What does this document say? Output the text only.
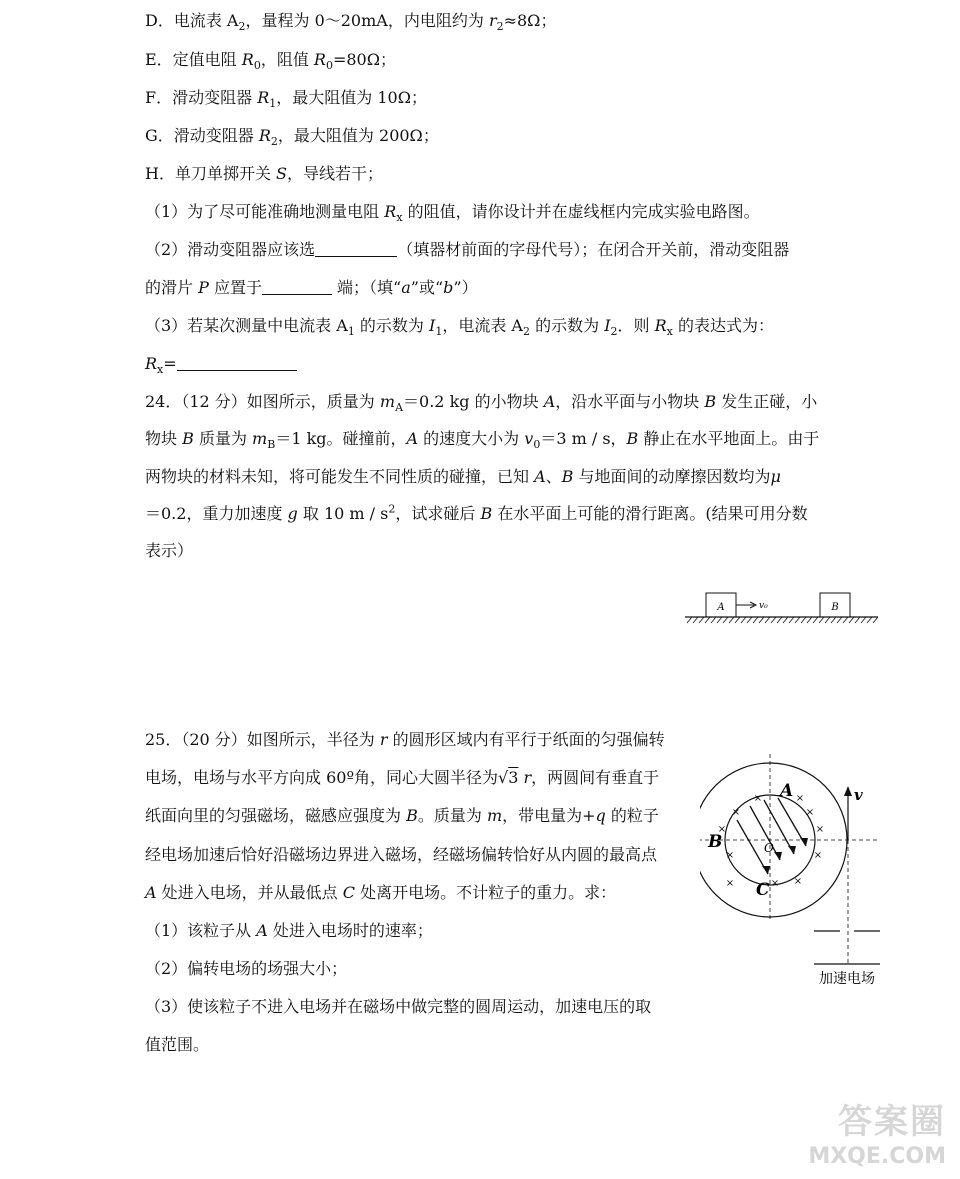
D．电流表 $A_2$，量程为 0～20mA，内电阻约为 $r_2\approx 8\Omega$；
E．定值电阻 $R_0$，阻值 $R_0=80\Omega$；
F．滑动变阻器 $R_1$，最大阻值为 10Ω；
G．滑动变阻器 $R_2$，最大阻值为 200Ω；
H．单刀单掷开关 S，导线若干；
（1）为了尽可能准确地测量电阻 $R_x$ 的阻值，请你设计并在虚线框内完成实验电路图。
（2）滑动变阻器应该选	（填器材前面的字母代号）；在闭合开关前，滑动变阻器
的滑片 P 应置于	端；（填“a”或“b”）
（3）若某次测量中电流表 $A_1$ 的示数为 $I_1$，电流表 $A_2$ 的示数为 $I_2$．则 $R_x$ 的表达式为：
$R_x=$
24．（12 分）如图所示，质量为 $m_A=0.2$ kg 的小物块 A，沿水平面与小物块 B 发生正碰，小
物块 B 质量为 $m_B=1$ kg。碰撞前，A 的速度大小为 $v_0=3$ m / s，B 静止在水平地面上。由于
两物块的材料未知，将可能发生不同性质的碰撞，已知 A、B 与地面间的动摩擦因数均为μ
＝0.2，重力加速度 g 取 10 m / $s^2$，试求碰后 B 在水平面上可能的滑行距离。(结果可用分数
表示）
A	v₀	B
25．（20 分）如图所示，半径为 r 的圆形区域内有平行于纸面的匀强偏转
电场，电场与水平方向成 60º角，同心大圆半径为√3 r，两圆间有垂直于
纸面向里的匀强磁场，磁感应强度为 B。质量为 m，带电量为+q 的粒子
经电场加速后恰好沿磁场边界进入磁场，经磁场偏转恰好从内圆的最高点
A 处进入电场，并从最低点 C 处离开电场。不计粒子的重力。求：
（1）该粒子从 A 处进入电场时的速率；
（2）偏转电场的场强大小；
（3）使该粒子不进入电场并在磁场中做完整的圆周运动，加速电压的取
值范围。
×	×
×	×
×	×
×	×
×	×
×
v
A
B
C
O
加速电场
答案圈
MXQE.COM
